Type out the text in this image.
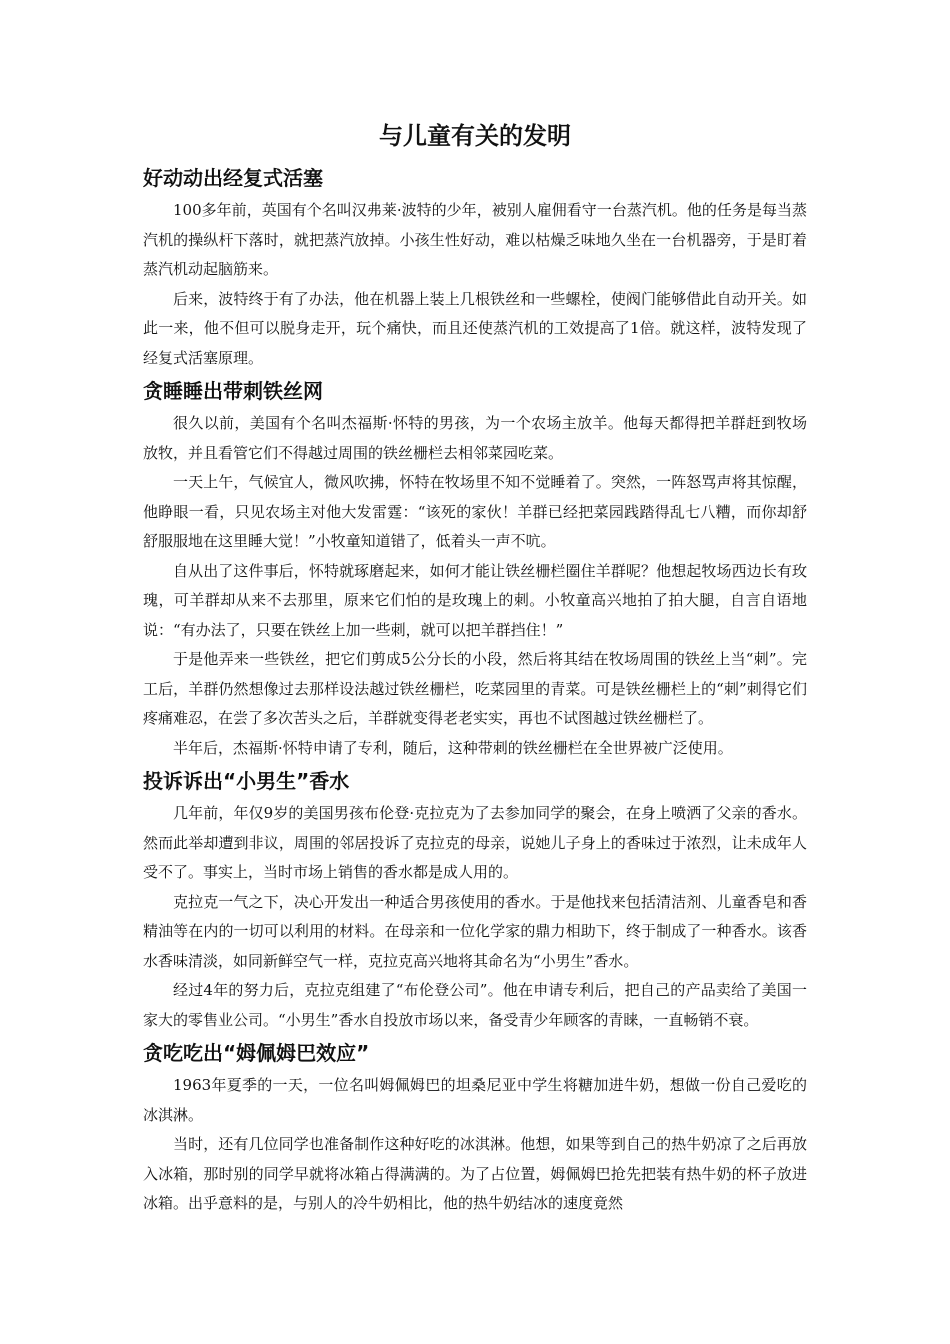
与儿童有关的发明
好动动出经复式活塞

100多年前，英国有个名叫汉弗莱·波特的少年，被别人雇佣看守一台蒸汽机。他的任务是每当蒸汽机的操纵杆下落时，就把蒸汽放掉。小孩生性好动，难以枯燥乏味地久坐在一台机器旁，于是盯着蒸汽机动起脑筋来。

后来，波特终于有了办法，他在机器上装上几根铁丝和一些螺栓，使阀门能够借此自动开关。如此一来，他不但可以脱身走开，玩个痛快，而且还使蒸汽机的工效提高了1倍。就这样，波特发现了经复式活塞原理。

贪睡睡出带刺铁丝网

很久以前，美国有个名叫杰福斯·怀特的男孩，为一个农场主放羊。他每天都得把羊群赶到牧场放牧，并且看管它们不得越过周围的铁丝栅栏去相邻菜园吃菜。

一天上午，气候宜人，微风吹拂，怀特在牧场里不知不觉睡着了。突然，一阵怒骂声将其惊醒，他睁眼一看，只见农场主对他大发雷霆：“该死的家伙！羊群已经把菜园践踏得乱七八糟，而你却舒舒服服地在这里睡大觉！”小牧童知道错了，低着头一声不吭。

自从出了这件事后，怀特就琢磨起来，如何才能让铁丝栅栏圈住羊群呢？他想起牧场西边长有玫瑰，可羊群却从来不去那里，原来它们怕的是玫瑰上的刺。小牧童高兴地拍了拍大腿，自言自语地说：“有办法了，只要在铁丝上加一些刺，就可以把羊群挡住！”

于是他弄来一些铁丝，把它们剪成5公分长的小段，然后将其结在牧场周围的铁丝上当“刺”。完工后，羊群仍然想像过去那样设法越过铁丝栅栏，吃菜园里的青菜。可是铁丝栅栏上的“刺”刺得它们疼痛难忍，在尝了多次苦头之后，羊群就变得老老实实，再也不试图越过铁丝栅栏了。

半年后，杰福斯·怀特申请了专利，随后，这种带刺的铁丝栅栏在全世界被广泛使用。

投诉诉出“小男生”香水

几年前，年仅9岁的美国男孩布伦登·克拉克为了去参加同学的聚会，在身上喷洒了父亲的香水。然而此举却遭到非议，周围的邻居投诉了克拉克的母亲，说她儿子身上的香味过于浓烈，让未成年人受不了。事实上，当时市场上销售的香水都是成人用的。

克拉克一气之下，决心开发出一种适合男孩使用的香水。于是他找来包括清洁剂、儿童香皂和香精油等在内的一切可以利用的材料。在母亲和一位化学家的鼎力相助下，终于制成了一种香水。该香水香味清淡，如同新鲜空气一样，克拉克高兴地将其命名为“小男生”香水。

经过4年的努力后，克拉克组建了“布伦登公司”。他在申请专利后，把自己的产品卖给了美国一家大的零售业公司。“小男生”香水自投放市场以来，备受青少年顾客的青睐，一直畅销不衰。

贪吃吃出“姆佩姆巴效应”

1963年夏季的一天，一位名叫姆佩姆巴的坦桑尼亚中学生将糖加进牛奶，想做一份自己爱吃的冰淇淋。

当时，还有几位同学也准备制作这种好吃的冰淇淋。他想，如果等到自己的热牛奶凉了之后再放入冰箱，那时别的同学早就将冰箱占得满满的。为了占位置，姆佩姆巴抢先把装有热牛奶的杯子放进冰箱。出乎意料的是，与别人的冷牛奶相比，他的热牛奶结冰的速度竟然
